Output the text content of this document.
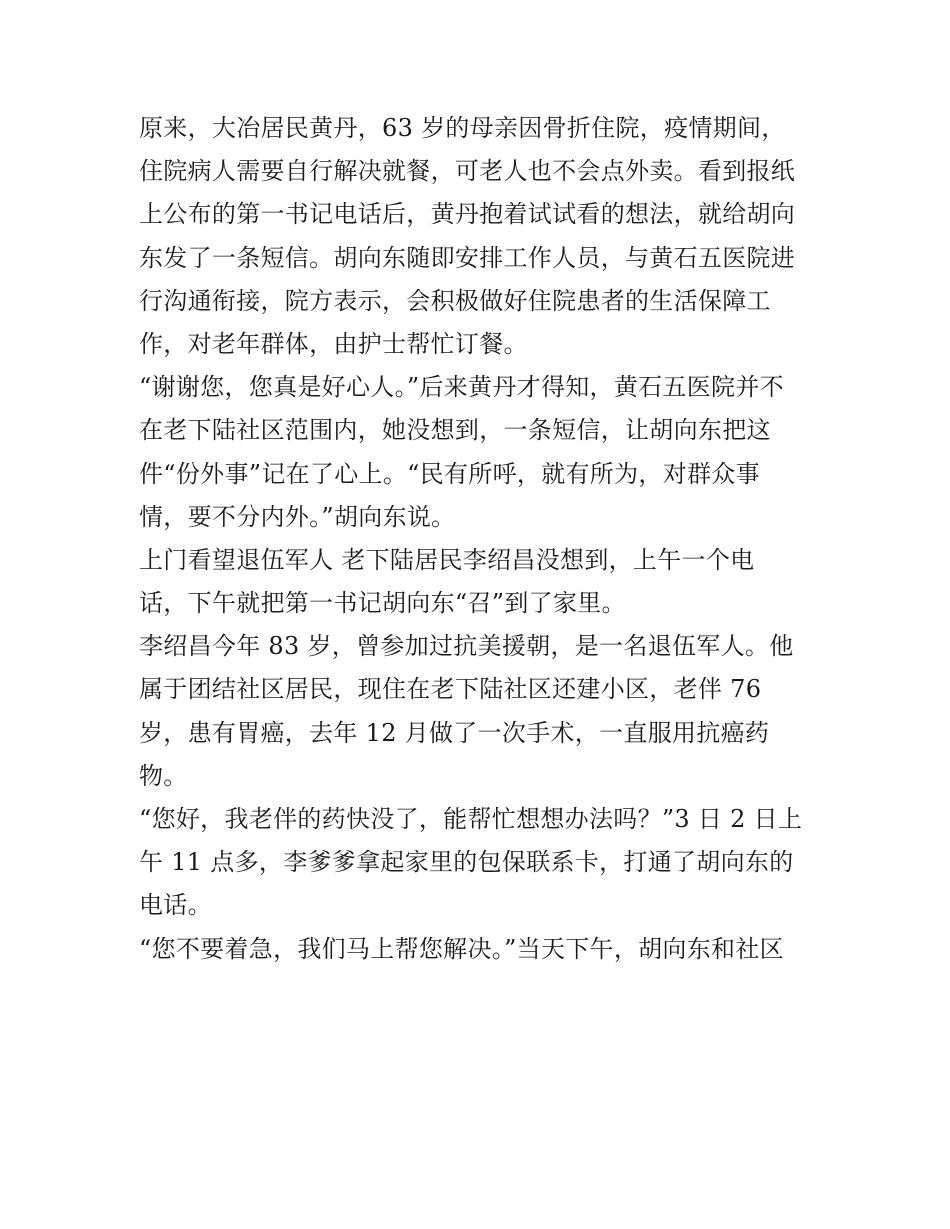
原来，大冶居民黄丹，63 岁的母亲因骨折住院，疫情期间，
住院病人需要自行解决就餐，可老人也不会点外卖。看到报纸
上公布的第一书记电话后，黄丹抱着试试看的想法，就给胡向
东发了一条短信。胡向东随即安排工作人员，与黄石五医院进
行沟通衔接，院方表示，会积极做好住院患者的生活保障工
作，对老年群体，由护士帮忙订餐。
“谢谢您，您真是好心人。”后来黄丹才得知，黄石五医院并不
在老下陆社区范围内，她没想到，一条短信，让胡向东把这
件“份外事”记在了心上。“民有所呼，就有所为，对群众事
情，要不分内外。”胡向东说。
上门看望退伍军人 老下陆居民李绍昌没想到，上午一个电
话，下午就把第一书记胡向东“召”到了家里。
李绍昌今年 83 岁，曾参加过抗美援朝，是一名退伍军人。他
属于团结社区居民，现住在老下陆社区还建小区，老伴 76
岁，患有胃癌，去年 12 月做了一次手术，一直服用抗癌药
物。
“您好，我老伴的药快没了，能帮忙想想办法吗？”3 日 2 日上
午 11 点多，李爹爹拿起家里的包保联系卡，打通了胡向东的
电话。
“您不要着急，我们马上帮您解决。”当天下午，胡向东和社区
